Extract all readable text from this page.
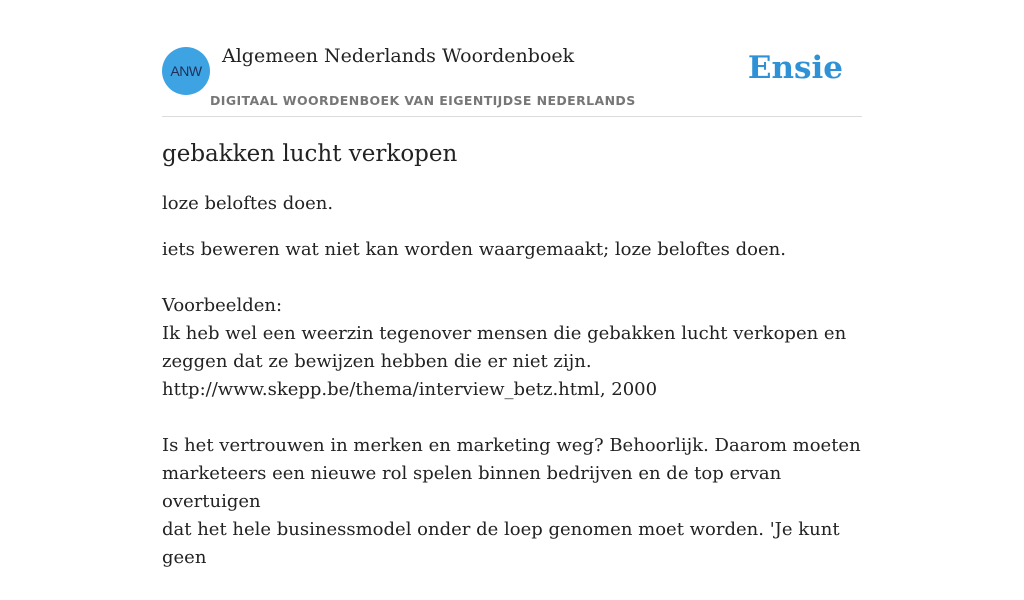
ANW
Algemeen Nederlands Woordenboek
DIGITAAL WOORDENBOEK VAN EIGENTIJDSE NEDERLANDS
Ensie
gebakken lucht verkopen

loze beloftes doen.

iets beweren wat niet kan worden waargemaakt; loze beloftes doen.

Voorbeelden:
Ik heb wel een weerzin tegenover mensen die gebakken lucht verkopen en
zeggen dat ze bewijzen hebben die er niet zijn.
http://www.skepp.be/thema/interview_betz.html, 2000
Is het vertrouwen in merken en marketing weg? Behoorlijk. Daarom moeten
marketeers een nieuwe rol spelen binnen bedrijven en de top ervan overtuigen
dat het hele businessmodel onder de loep genomen moet worden. 'Je kunt geen
